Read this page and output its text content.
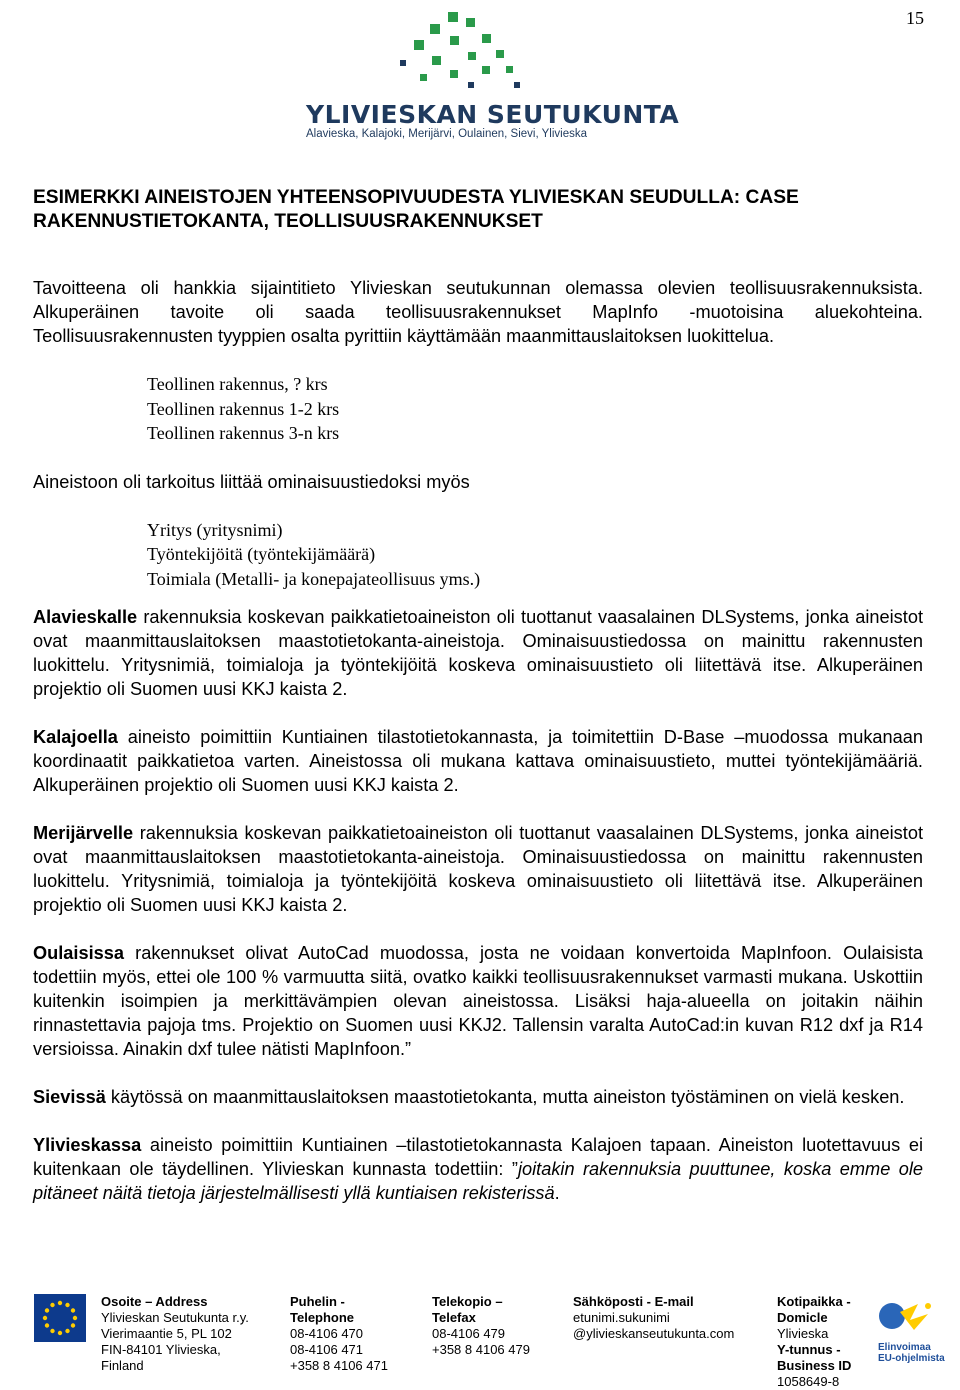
15
YLIVIESKAN SEUTUKUNTA
Alavieska, Kalajoki, Merijärvi, Oulainen, Sievi, Ylivieska

ESIMERKKI AINEISTOJEN YHTEENSOPIVUUDESTA YLIVIESKAN SEUDULLA: CASE
RAKENNUSTIETOKANTA, TEOLLISUUSRAKENNUKSET

Tavoitteena oli hankkia sijaintitieto Ylivieskan seutukunnan olemassa olevien teollisuusrakennuksista. Alkuperäinen tavoite oli saada teollisuusrakennukset MapInfo -muotoisina aluekohteina. Teollisuusrakennusten tyyppien osalta pyrittiin käyttämään maanmittauslaitoksen luokittelua.

Teollinen rakennus, ? krs
Teollinen rakennus 1-2 krs
Teollinen rakennus 3-n krs

Aineistoon oli tarkoitus liittää ominaisuustiedoksi myös

Yritys (yritysnimi)
Työntekijöitä (työntekijämäärä)
Toimiala (Metalli- ja konepajateollisuus yms.)

Alavieskalle rakennuksia koskevan paikkatietoaineiston oli tuottanut vaasalainen DLSystems, jonka aineistot ovat maanmittauslaitoksen maastotietokanta-aineistoja. Ominaisuustiedossa on mainittu rakennusten luokittelu. Yritysnimiä, toimialoja ja työntekijöitä koskeva ominaisuustieto oli liitettävä itse. Alkuperäinen projektio oli Suomen uusi KKJ kaista 2.

Kalajoella aineisto poimittiin Kuntiainen tilastotietokannasta, ja toimitettiin D-Base –muodossa mukanaan koordinaatit paikkatietoa varten. Aineistossa oli mukana kattava ominaisuustieto, muttei työntekijämääriä. Alkuperäinen projektio oli Suomen uusi KKJ kaista 2.

Merijärvelle rakennuksia koskevan paikkatietoaineiston oli tuottanut vaasalainen DLSystems, jonka aineistot ovat maanmittauslaitoksen maastotietokanta-aineistoja. Ominaisuustiedossa on mainittu rakennusten luokittelu. Yritysnimiä, toimialoja ja työntekijöitä koskeva ominaisuustieto oli liitettävä itse. Alkuperäinen projektio oli Suomen uusi KKJ kaista 2.

Oulaisissa rakennukset olivat AutoCad muodossa, josta ne voidaan konvertoida MapInfoon. Oulaisista todettiin myös, ettei ole 100 % varmuutta siitä, ovatko kaikki teollisuusrakennukset varmasti mukana. Uskottiin kuitenkin isoimpien ja merkittävämpien olevan aineistossa. Lisäksi haja-alueella on joitakin näihin rinnastettavia pajoja tms. Projektio on Suomen uusi KKJ2. Tallensin varalta AutoCad:in kuvan R12 dxf ja R14 versioissa. Ainakin dxf tulee nätisti MapInfoon.”

Sievissä käytössä on maanmittauslaitoksen maastotietokanta, mutta aineiston työstäminen on vielä kesken.

Ylivieskassa aineisto poimittiin Kuntiainen –tilastotietokannasta Kalajoen tapaan. Aineiston luotettavuus ei kuitenkaan ole täydellinen. Ylivieskan kunnasta todettiin: ”joitakin rakennuksia puuttunee, koska emme ole pitäneet näitä tietoja järjestelmällisesti yllä kuntiaisen rekisterissä.

Osoite – Address
Ylivieskan Seutukunta r.y.
Vierimaantie 5, PL 102
FIN-84101 Ylivieska,
Finland
Puhelin -
Telephone
08-4106 470
08-4106 471
+358 8 4106 471
Telekopio –
Telefax
08-4106 479
+358 8 4106 479
Sähköposti - E-mail
etunimi.sukunimi
@ylivieskanseutukunta.com
Kotipaikka -
Domicle
Ylivieska
Y-tunnus -
Business ID
1058649-8
Elinvoimaa
EU-ohjelmista
